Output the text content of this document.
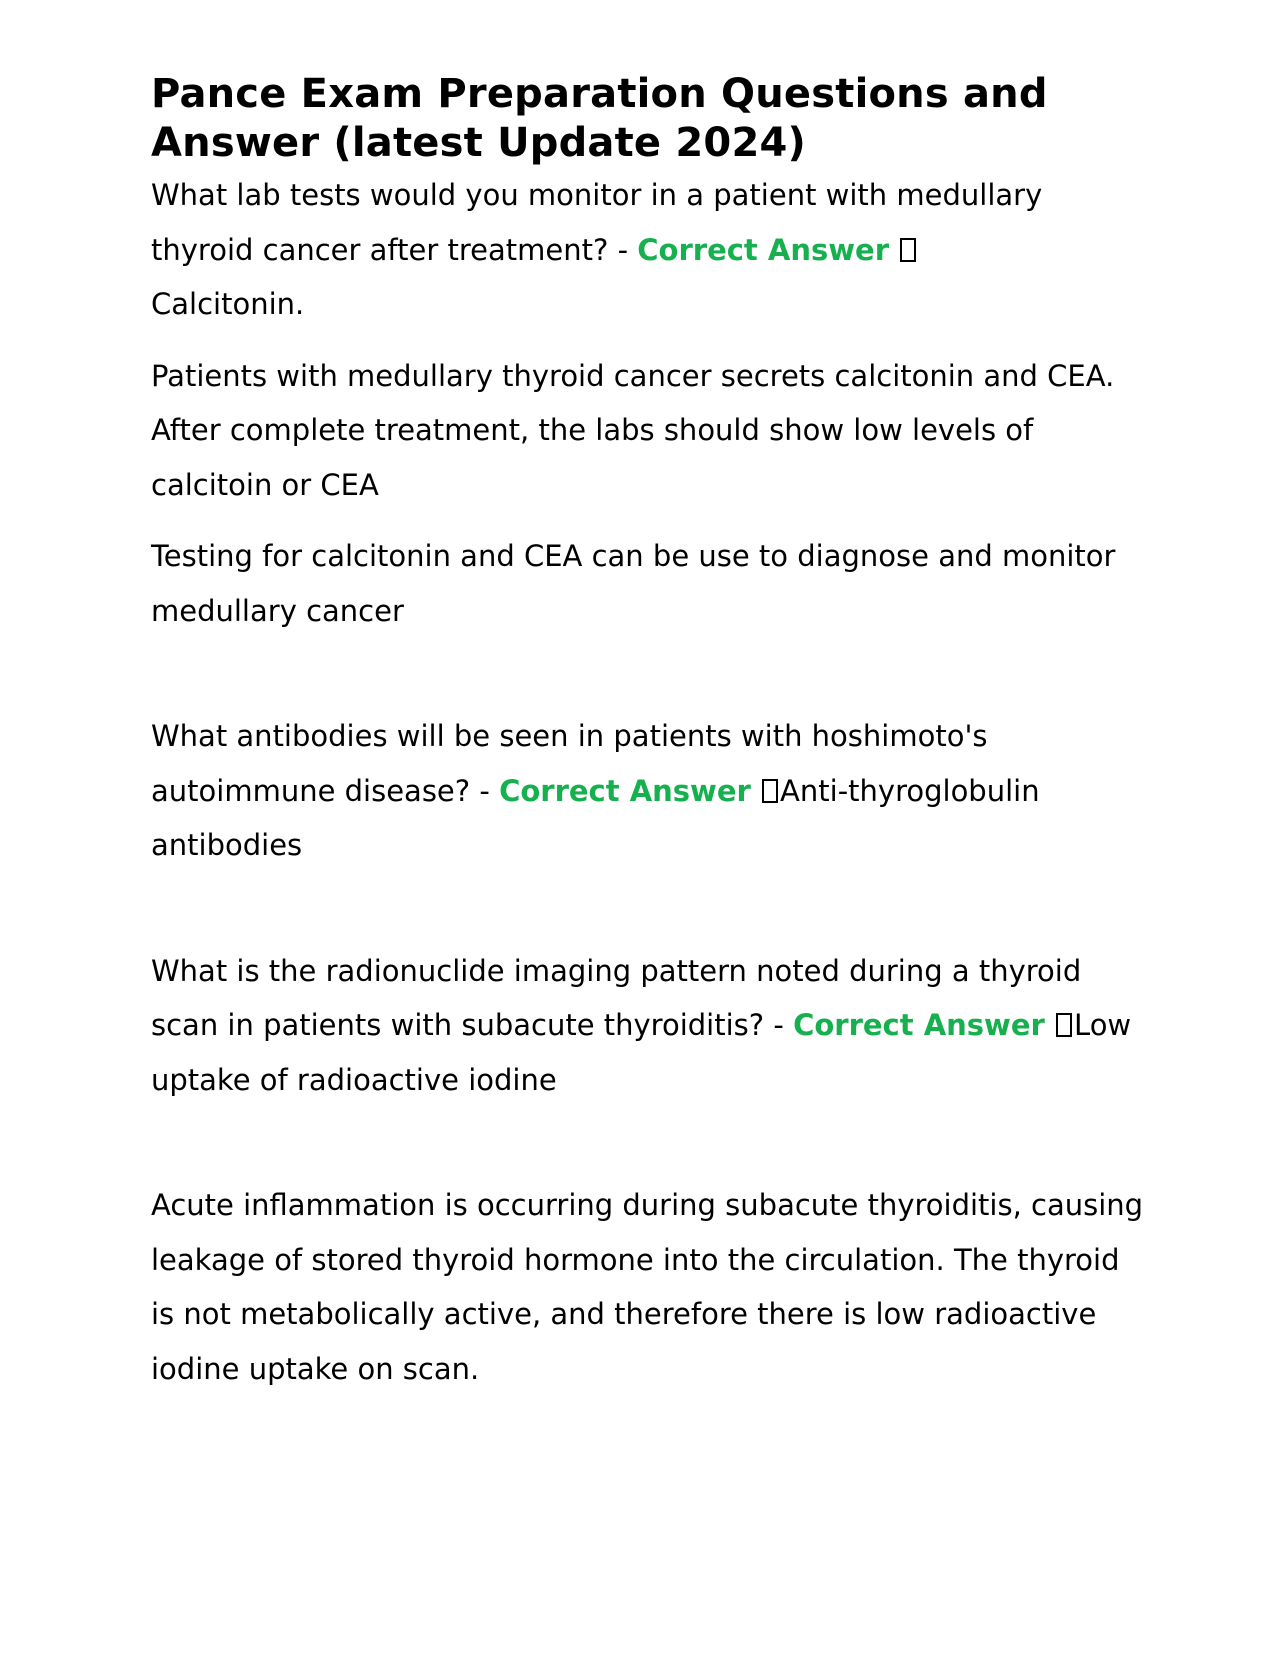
Pance Exam Preparation Questions and Answer (latest Update 2024)

What lab tests would you monitor in a patient with medullary thyroid cancer after treatment? - Correct Answer
Calcitonin.

Patients with medullary thyroid cancer secrets calcitonin and CEA. After complete treatment, the labs should show low levels of calcitoin or CEA

Testing for calcitonin and CEA can be use to diagnose and monitor medullary cancer

What antibodies will be seen in patients with hoshimoto's autoimmune disease? - Correct Answer Anti-thyroglobulin antibodies

What is the radionuclide imaging pattern noted during a thyroid scan in patients with subacute thyroiditis? - Correct Answer Low uptake of radioactive iodine

Acute inflammation is occurring during subacute thyroiditis, causing leakage of stored thyroid hormone into the circulation. The thyroid is not metabolically active, and therefore there is low radioactive iodine uptake on scan.
